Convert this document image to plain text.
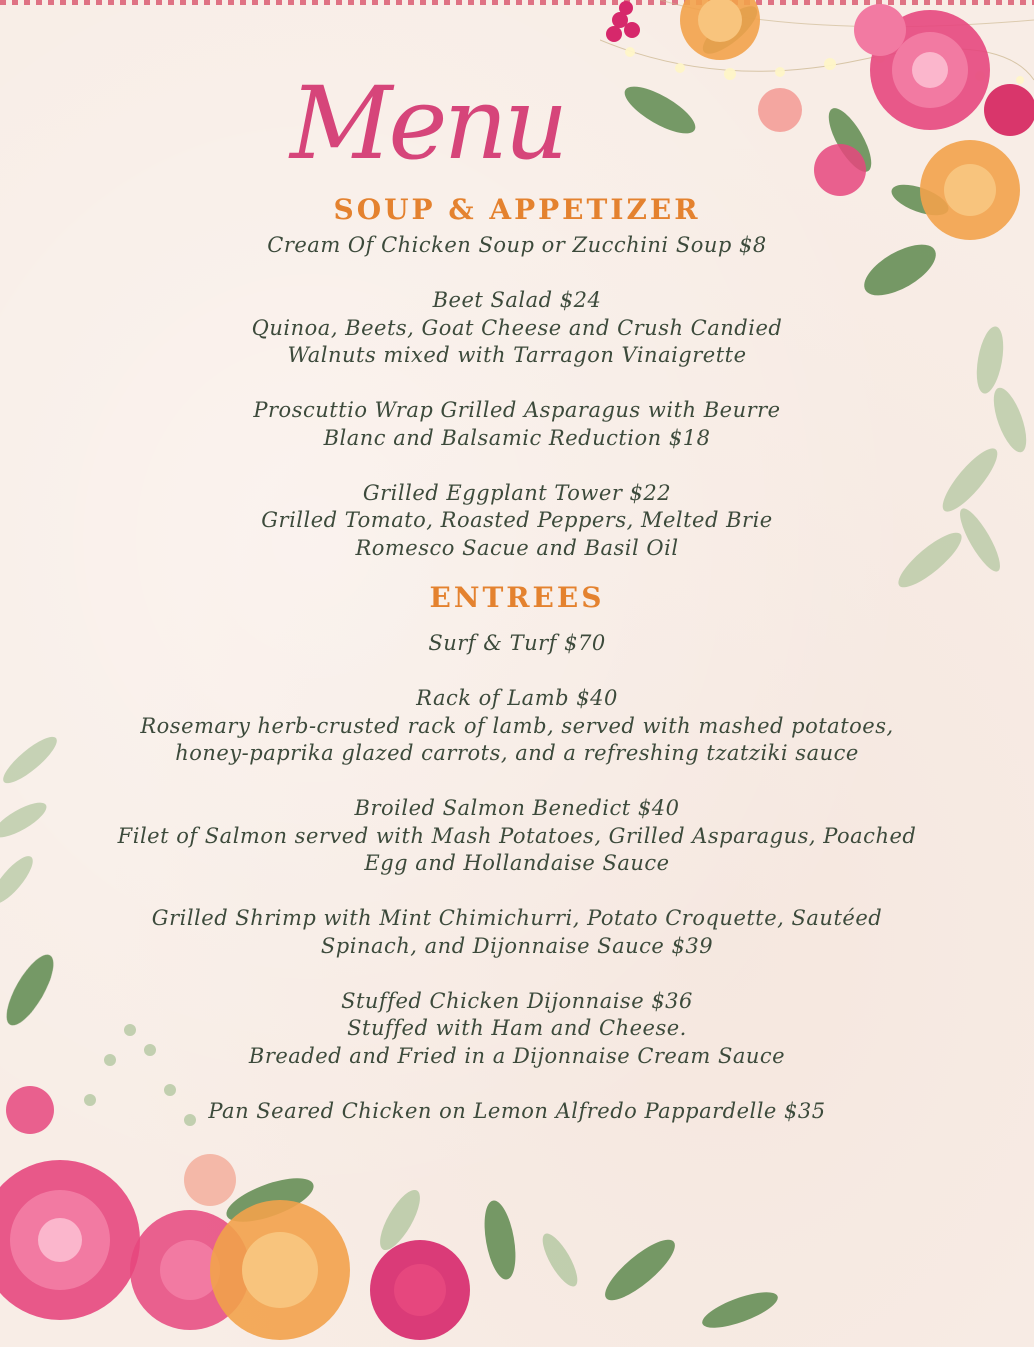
Menu
SOUP & APPETIZER
Cream Of Chicken Soup or Zucchini Soup $8
Beet Salad $24
Quinoa, Beets, Goat Cheese and Crush Candied
Walnuts mixed with Tarragon Vinaigrette
Proscuttio Wrap Grilled Asparagus with Beurre
Blanc and Balsamic Reduction $18
Grilled Eggplant Tower $22
Grilled Tomato, Roasted Peppers, Melted Brie
Romesco Sacue and Basil Oil
ENTREES
Surf & Turf $70
Rack of Lamb $40
Rosemary herb-crusted rack of lamb, served with mashed potatoes,
honey-paprika glazed carrots, and a refreshing tzatziki sauce
Broiled Salmon Benedict $40
Filet of Salmon served with Mash Potatoes, Grilled Asparagus, Poached
Egg and Hollandaise Sauce
Grilled Shrimp with Mint Chimichurri, Potato Croquette, Sautéed
Spinach, and Dijonnaise Sauce $39
Stuffed Chicken Dijonnaise $36
Stuffed with Ham and Cheese.
Breaded and Fried in a Dijonnaise Cream Sauce
Pan Seared Chicken on Lemon Alfredo Pappardelle $35
